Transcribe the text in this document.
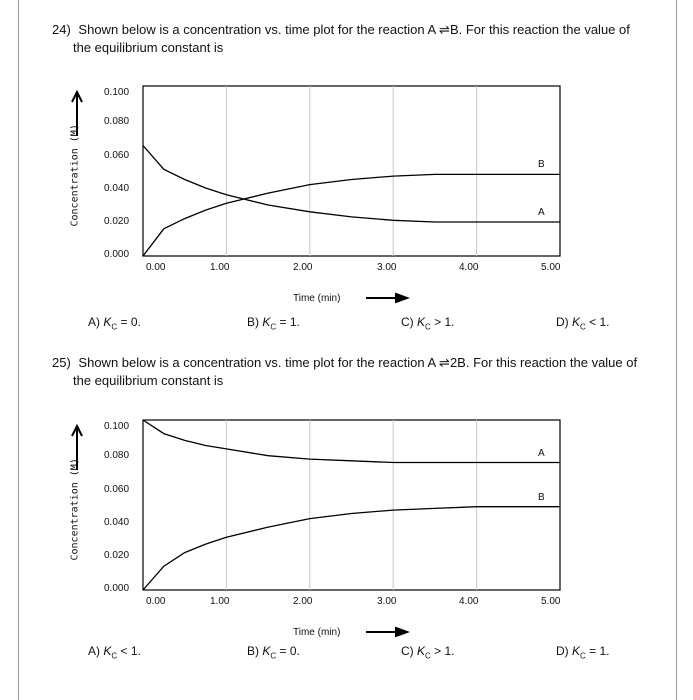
24) Shown below is a concentration vs. time plot for the reaction A ⇌B. For this reaction the value of
the equilibrium constant is
Concentration (M)
0.100
0.080
0.060
0.040
0.020
0.000
0.00	1.00	2.00	3.00	4.00	5.00
Time (min)
B
A
A) $K_C = 0$.	B) $K_C = 1$.	C) $K_C > 1$.	D) $K_C < 1$.
25) Shown below is a concentration vs. time plot for the reaction A ⇌2B. For this reaction the value of
the equilibrium constant is
Concentration (M)
0.100
0.080
0.060
0.040
0.020
0.000
0.00	1.00	2.00	3.00	4.00	5.00
Time (min)
A
B
A) $K_C < 1$.	B) $K_C = 0$.	C) $K_C > 1$.	D) $K_C = 1$.
